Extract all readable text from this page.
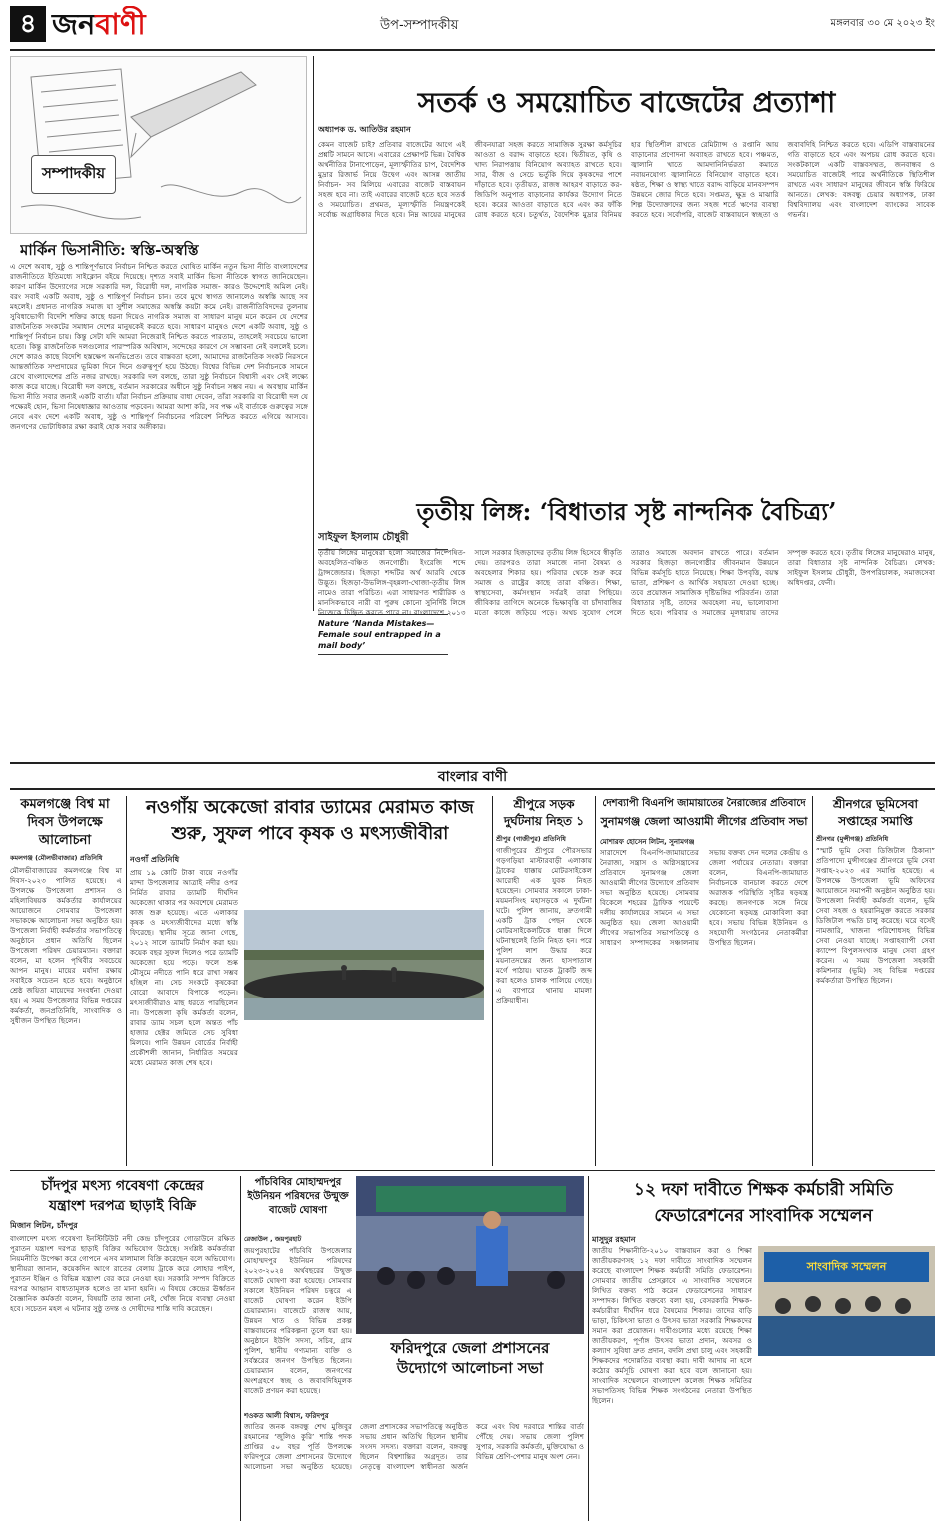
৪ জনবাণী	উপ-সম্পাদকীয়	মঙ্গলবার ৩০ মে ২০২৩ ইং
সম্পাদকীয়
মার্কিন ভিসানীতি: স্বস্তি-অস্বস্তি
এ দেশে অবাধ, সুষ্ঠু ও শান্তিপূর্ণভাবে নির্বাচন নিশ্চিত করতে ঘোষিত মার্কিন নতুন ভিসা নীতি বাংলাদেশের রাজনীতিতে ইতিমধ্যে সাইক্লোন বইয়ে দিয়েছে। দৃশ্যত সবাই মার্কিন ভিসা নীতিকে স্বাগত জানিয়েছেন। কারণ মার্কিন উদ্যোগের সঙ্গে সরকারি দল, বিরোধী দল, নাগরিক সমাজ- কারও উদ্দেশ্যেই অমিল নেই। বরং সবাই একটি অবাধ, সুষ্ঠু ও শান্তিপূর্ণ নির্বাচন চান। তবে মুখে স্বাগত জানালেও অস্বস্তি আছে সব মহলেই। প্রধানত নাগরিক সমাজ যা সুশীল সমাজের অস্বস্তি কয়টা কমে নেই। রাজনীতিবিদদের তুলনায় সুবিধাভোগী বিদেশি শক্তির কাছে ধরনা দিয়েও নাগরিক সমাজ বা সাধারণ মানুষ মনে করেন যে দেশের রাজনৈতিক সংকটের সমাধান দেশের মানুষকেই করতে হবে। সাধারণ মানুষও দেশে একটি অবাধ, সুষ্ঠু ও শান্তিপূর্ণ নির্বাচন চায়। কিন্তু সেটা যদি আমরা নিজেরাই নিশ্চিত করতে পারতাম, তাহলেই সবচেয়ে ভালো হতো। কিন্তু রাজনৈতিক দলগুলোর পারস্পরিক অবিশ্বাস, সন্দেহের কারণে সে সম্ভাবনা নেই বললেই চলে। দেশে কারও কাছে বিদেশি হস্তক্ষেপ অনভিপ্রেত। তবে বাস্তবতা হলো, আমাদের রাজনৈতিক সংকট নিরসনে আন্তর্জাতিক সম্প্রদায়ের ভূমিকা দিনে দিনে গুরুত্বপূর্ণ হয়ে উঠছে। বিশ্বের বিভিন্ন দেশ নির্বাচনকে সামনে রেখে বাংলাদেশের প্রতি নজর রাখছে। সরকারি দল বলছে, তারা সুষ্ঠু নির্বাচনে বিশ্বাসী এবং সেই লক্ষ্যে কাজ করে যাচ্ছে। বিরোধী দল বলছে, বর্তমান সরকারের অধীনে সুষ্ঠু নির্বাচন সম্ভব নয়। এ অবস্থায় মার্কিন ভিসা নীতি সবার জন্যই একটি বার্তা। যাঁরা নির্বাচন প্রক্রিয়ায় বাধা দেবেন, তাঁরা সরকারি বা বিরোধী দল যে পক্ষেরই হোন, ভিসা নিষেধাজ্ঞার আওতায় পড়বেন। আমরা আশা করি, সব পক্ষ এই বার্তাকে গুরুত্বের সঙ্গে নেবে এবং দেশে একটি অবাধ, সুষ্ঠু ও শান্তিপূর্ণ নির্বাচনের পরিবেশ নিশ্চিত করতে এগিয়ে আসবে। জনগণের ভোটাধিকার রক্ষা করাই হোক সবার অঙ্গীকার।
সতর্ক ও সময়োচিত বাজেটের প্রত্যাশা
অধ্যাপক ড. আতিউর রহমান
কেমন বাজেট চাই? প্রতিবার বাজেটের আগে এই প্রশ্নটি সামনে আসে। এবারের প্রেক্ষাপট ভিন্ন। বৈশ্বিক অর্থনীতির টানাপোড়েন, মূল্যস্ফীতির চাপ, বৈদেশিক মুদ্রার রিজার্ভ নিয়ে উদ্বেগ এবং আসন্ন জাতীয় নির্বাচন- সব মিলিয়ে এবারের বাজেট বাস্তবায়ন সহজ হবে না। তাই এবারের বাজেট হতে হবে সতর্ক ও সময়োচিত। প্রথমত, মূল্যস্ফীতি নিয়ন্ত্রণকেই সর্বোচ্চ অগ্রাধিকার দিতে হবে। নিম্ন আয়ের মানুষের জীবনযাত্রা সহজ করতে সামাজিক সুরক্ষা কর্মসূচির আওতা ও বরাদ্দ বাড়াতে হবে। দ্বিতীয়ত, কৃষি ও খাদ্য নিরাপত্তায় বিনিয়োগ অব্যাহত রাখতে হবে। সার, বীজ ও সেচে ভর্তুকি দিয়ে কৃষকদের পাশে দাঁড়াতে হবে। তৃতীয়ত, রাজস্ব আহরণ বাড়াতে কর-জিডিপি অনুপাত বাড়ানোর কার্যকর উদ্যোগ নিতে হবে। করের আওতা বাড়াতে হবে এবং কর ফাঁকি রোধ করতে হবে। চতুর্থত, বৈদেশিক মুদ্রার বিনিময় হার স্থিতিশীল রাখতে রেমিট্যান্স ও রপ্তানি আয় বাড়ানোর প্রণোদনা অব্যাহত রাখতে হবে। পঞ্চমত, জ্বালানি খাতে আমদানিনির্ভরতা কমাতে নবায়নযোগ্য জ্বালানিতে বিনিয়োগ বাড়াতে হবে। ষষ্ঠত, শিক্ষা ও স্বাস্থ্য খাতে বরাদ্দ বাড়িয়ে মানবসম্পদ উন্নয়নে জোর দিতে হবে। সপ্তমত, ক্ষুদ্র ও মাঝারি শিল্প উদ্যোক্তাদের জন্য সহজ শর্তে ঋণের ব্যবস্থা করতে হবে। সর্বোপরি, বাজেট বাস্তবায়নে স্বচ্ছতা ও জবাবদিহি নিশ্চিত করতে হবে। এডিপি বাস্তবায়নের গতি বাড়াতে হবে এবং অপচয় রোধ করতে হবে। সংকটকালে একটি বাস্তবসম্মত, জনবান্ধব ও সময়োচিত বাজেটই পারে অর্থনীতিকে স্থিতিশীল রাখতে এবং সাধারণ মানুষের জীবনে স্বস্তি ফিরিয়ে আনতে। লেখক: বঙ্গবন্ধু চেয়ার অধ্যাপক, ঢাকা বিশ্ববিদ্যালয় এবং বাংলাদেশ ব্যাংকের সাবেক গভর্নর।
তৃতীয় লিঙ্গ: ‘বিধাতার সৃষ্ট নান্দনিক বৈচিত্র্য’
সাইফুল ইসলাম চৌধুরী
Nature ‘Nanda Mistakes—Female soul entrapped in a mail body’
তৃতীয় লিঙ্গের মানুষেরা হলো সমাজের নিষ্পেষিত-অবহেলিত-বঞ্চিত জনগোষ্ঠী। ইংরেজি শব্দে ট্রান্সজেন্ডার। হিজড়া শব্দটির অর্থ আরবি থেকে উদ্ভূত। হিজড়া-উভলিঙ্গ-বৃহন্নলা-খোজা-তৃতীয় লিঙ্গ নামেও তারা পরিচিত। এরা সাধারণত শারীরিক ও মানসিকভাবে নারী বা পুরুষ কোনো সুনির্দিষ্ট লিঙ্গে নিজেকে চিহ্নিত করতে পারে না। বাংলাদেশে ২০১৩ সালে সরকার হিজড়াদের তৃতীয় লিঙ্গ হিসেবে স্বীকৃতি দেয়। তারপরও তারা সমাজে নানা বৈষম্য ও অবহেলার শিকার হয়। পরিবার থেকে শুরু করে সমাজ ও রাষ্ট্রের কাছে তারা বঞ্চিত। শিক্ষা, স্বাস্থ্যসেবা, কর্মসংস্থান সর্বত্রই তারা পিছিয়ে। জীবিকার তাগিদে অনেকে ভিক্ষাবৃত্তি বা চাঁদাবাজির মতো কাজে জড়িয়ে পড়ে। অথচ সুযোগ পেলে তারাও সমাজে অবদান রাখতে পারে। বর্তমান সরকার হিজড়া জনগোষ্ঠীর জীবনমান উন্নয়নে বিভিন্ন কর্মসূচি হাতে নিয়েছে। শিক্ষা উপবৃত্তি, বয়স্ক ভাতা, প্রশিক্ষণ ও আর্থিক সহায়তা দেওয়া হচ্ছে। তবে প্রয়োজন সামাজিক দৃষ্টিভঙ্গির পরিবর্তন। তারা বিধাতার সৃষ্টি, তাদের অবহেলা নয়, ভালোবাসা দিতে হবে। পরিবার ও সমাজের মূলধারায় তাদের সম্পৃক্ত করতে হবে। তৃতীয় লিঙ্গের মানুষেরাও মানুষ, তারা বিধাতার সৃষ্ট নান্দনিক বৈচিত্র্য। লেখক: সাইফুল ইসলাম চৌধুরী, উপপরিচালক, সমাজসেবা অধিদপ্তর, ফেনী।
বাংলার বাণী
কমলগঞ্জে বিশ্ব মা দিবস উপলক্ষে আলোচনা
কমলগঞ্জ (মৌলভীবাজার) প্রতিনিধি
মৌলভীবাজারের কমলগঞ্জে বিশ্ব মা দিবস-২০২৩ পালিত হয়েছে। এ উপলক্ষে উপজেলা প্রশাসন ও মহিলাবিষয়ক কর্মকর্তার কার্যালয়ের আয়োজনে সোমবার উপজেলা সভাকক্ষে আলোচনা সভা অনুষ্ঠিত হয়। উপজেলা নির্বাহী কর্মকর্তার সভাপতিত্বে অনুষ্ঠানে প্রধান অতিথি ছিলেন উপজেলা পরিষদ চেয়ারম্যান। বক্তারা বলেন, মা হলেন পৃথিবীর সবচেয়ে আপন মানুষ। মায়ের মর্যাদা রক্ষায় সবাইকে সচেতন হতে হবে। অনুষ্ঠানে শ্রেষ্ঠ জয়িতা মায়েদের সংবর্ধনা দেওয়া হয়। এ সময় উপজেলার বিভিন্ন দপ্তরের কর্মকর্তা, জনপ্রতিনিধি, সাংবাদিক ও সুধীজন উপস্থিত ছিলেন।
নওগাঁয় অকেজো রাবার ড্যামের মেরামত কাজ
শুরু, সুফল পাবে কৃষক ও মৎস্যজীবীরা
নওগাঁ প্রতিনিধি
প্রায় ১৯ কোটি টাকা ব্যয়ে নওগাঁর মান্দা উপজেলার আত্রাই নদীর ওপর নির্মিত রাবার ড্যামটি দীর্ঘদিন অকেজো থাকার পর অবশেষে মেরামত কাজ শুরু হয়েছে। এতে এলাকার কৃষক ও মৎস্যজীবীদের মধ্যে স্বস্তি ফিরেছে। স্থানীয় সূত্রে জানা গেছে, ২০১২ সালে ড্যামটি নির্মাণ করা হয়। কয়েক বছর সুফল দিলেও পরে ড্যামটি অকেজো হয়ে পড়ে। ফলে শুষ্ক মৌসুমে নদীতে পানি ধরে রাখা সম্ভব হচ্ছিল না। সেচ সংকটে কৃষকেরা বোরো আবাদে বিপাকে পড়েন। মৎস্যজীবীরাও মাছ ধরতে পারছিলেন না। উপজেলা কৃষি কর্মকর্তা বলেন, রাবার ড্যাম সচল হলে অন্তত পাঁচ হাজার হেক্টর জমিতে সেচ সুবিধা মিলবে। পানি উন্নয়ন বোর্ডের নির্বাহী প্রকৌশলী জানান, নির্ধারিত সময়ের মধ্যে মেরামত কাজ শেষ হবে।
শ্রীপুরে সড়ক দুর্ঘটনায় নিহত ১
শ্রীপুর (গাজীপুর) প্রতিনিধি
গাজীপুরের শ্রীপুরে পৌরসভার গড়গড়িয়া মাস্টারবাড়ী এলাকায় ট্রাকের ধাক্কায় মোটরসাইকেল আরোহী এক যুবক নিহত হয়েছেন। সোমবার সকালে ঢাকা-ময়মনসিংহ মহাসড়কে এ দুর্ঘটনা ঘটে। পুলিশ জানায়, দ্রুতগামী একটি ট্রাক পেছন থেকে মোটরসাইকেলটিকে ধাক্কা দিলে ঘটনাস্থলেই তিনি নিহত হন। পরে পুলিশ লাশ উদ্ধার করে ময়নাতদন্তের জন্য হাসপাতাল মর্গে পাঠায়। ঘাতক ট্রাকটি জব্দ করা হলেও চালক পালিয়ে গেছে। এ ব্যাপারে থানায় মামলা প্রক্রিয়াধীন।
দেশব্যাপী বিএনপি জামায়াতের নৈরাজ্যের প্রতিবাদে
সুনামগঞ্জ জেলা আওয়ামী লীগের প্রতিবাদ সভা
মোশারফ হোসেন লিটন, সুনামগঞ্জ
সারাদেশে বিএনপি-জামায়াতের নৈরাজ্য, সন্ত্রাস ও অগ্নিসন্ত্রাসের প্রতিবাদে সুনামগঞ্জ জেলা আওয়ামী লীগের উদ্যোগে প্রতিবাদ সভা অনুষ্ঠিত হয়েছে। সোমবার বিকেলে শহরের ট্রাফিক পয়েন্টে দলীয় কার্যালয়ের সামনে এ সভা অনুষ্ঠিত হয়। জেলা আওয়ামী লীগের সভাপতির সভাপতিত্বে ও সাধারণ সম্পাদকের সঞ্চালনায় সভায় বক্তব্য দেন দলের কেন্দ্রীয় ও জেলা পর্যায়ের নেতারা। বক্তারা বলেন, বিএনপি-জামায়াত নির্বাচনকে বানচাল করতে দেশে অরাজক পরিস্থিতি সৃষ্টির ষড়যন্ত্র করছে। জনগণকে সঙ্গে নিয়ে যেকোনো ষড়যন্ত্র মোকাবিলা করা হবে। সভায় বিভিন্ন ইউনিয়ন ও সহযোগী সংগঠনের নেতাকর্মীরা উপস্থিত ছিলেন।
শ্রীনগরে ভূমিসেবা সপ্তাহের সমাপ্তি
শ্রীনগর (মুন্সীগঞ্জ) প্রতিনিধি
“স্মার্ট ভূমি সেবা ডিজিটাল ঠিকানা” প্রতিপাদ্যে মুন্সীগঞ্জের শ্রীনগরে ভূমি সেবা সপ্তাহ-২০২৩ এর সমাপ্তি হয়েছে। এ উপলক্ষে উপজেলা ভূমি অফিসের আয়োজনে সমাপনী অনুষ্ঠান অনুষ্ঠিত হয়। উপজেলা নির্বাহী কর্মকর্তা বলেন, ভূমি সেবা সহজ ও হয়রানিমুক্ত করতে সরকার ডিজিটাল পদ্ধতি চালু করেছে। ঘরে বসেই নামজারি, খাজনা পরিশোধসহ বিভিন্ন সেবা নেওয়া যাচ্ছে। সপ্তাহব্যাপী সেবা ক্যাম্পে বিপুলসংখ্যক মানুষ সেবা গ্রহণ করেন। এ সময় উপজেলা সহকারী কমিশনার (ভূমি) সহ বিভিন্ন দপ্তরের কর্মকর্তারা উপস্থিত ছিলেন।
চাঁদপুর মৎস্য গবেষণা কেন্দ্রের
যন্ত্রাংশ দরপত্র ছাড়াই বিক্রি
মিজান লিটন, চাঁদপুর
বাংলাদেশ মৎস্য গবেষণা ইনস্টিটিউট নদী কেন্দ্র চাঁদপুরের গোডাউনে রক্ষিত পুরাতন যন্ত্রাংশ দরপত্র ছাড়াই বিক্রির অভিযোগ উঠেছে। সংশ্লিষ্ট কর্মকর্তারা নিয়মনীতি উপেক্ষা করে গোপনে এসব মালামাল বিক্রি করেছেন বলে অভিযোগ। স্থানীয়রা জানান, কয়েকদিন আগে রাতের বেলায় ট্রাকে করে লোহার পাইপ, পুরাতন ইঞ্জিন ও বিভিন্ন যন্ত্রাংশ বের করে নেওয়া হয়। সরকারি সম্পদ বিক্রিতে দরপত্র আহ্বান বাধ্যতামূলক হলেও তা মানা হয়নি। এ বিষয়ে কেন্দ্রের ঊর্ধ্বতন বৈজ্ঞানিক কর্মকর্তা বলেন, বিষয়টি তার জানা নেই, খোঁজ নিয়ে ব্যবস্থা নেওয়া হবে। সচেতন মহল এ ঘটনার সুষ্ঠু তদন্ত ও দোষীদের শাস্তি দাবি করেছেন।
পাঁচবিবির মোহাম্মদপুর ইউনিয়ন পরিষদের উন্মুক্ত বাজেট ঘোষণা
রেজাউল , জয়পুরহাট
জয়পুরহাটের পাঁচবিবি উপজেলার মোহাম্মদপুর ইউনিয়ন পরিষদের ২০২৩-২০২৪ অর্থবছরের উন্মুক্ত বাজেট ঘোষণা করা হয়েছে। সোমবার সকালে ইউনিয়ন পরিষদ চত্বরে এ বাজেট ঘোষণা করেন ইউপি চেয়ারম্যান। বাজেটে রাজস্ব আয়, উন্নয়ন খাত ও বিভিন্ন প্রকল্প বাস্তবায়নের পরিকল্পনা তুলে ধরা হয়। অনুষ্ঠানে ইউপি সদস্য, সচিব, গ্রাম পুলিশ, স্থানীয় গণ্যমান্য ব্যক্তি ও সর্বস্তরের জনগণ উপস্থিত ছিলেন। চেয়ারম্যান বলেন, জনগণের অংশগ্রহণে স্বচ্ছ ও জবাবদিহিমূলক বাজেট প্রণয়ন করা হয়েছে।
ফরিদপুরে জেলা প্রশাসনের
উদ্যোগে আলোচনা সভা
শওকত আলী বিশ্বাস, ফরিদপুর
জাতির জনক বঙ্গবন্ধু শেখ মুজিবুর রহমানের ‘জুলিও কুরি’ শান্তি পদক প্রাপ্তির ৫০ বছর পূর্তি উপলক্ষে ফরিদপুরে জেলা প্রশাসনের উদ্যোগে আলোচনা সভা অনুষ্ঠিত হয়েছে। জেলা প্রশাসকের সভাপতিত্বে অনুষ্ঠিত সভায় প্রধান অতিথি ছিলেন স্থানীয় সংসদ সদস্য। বক্তারা বলেন, বঙ্গবন্ধু ছিলেন বিশ্বশান্তির অগ্রদূত। তার নেতৃত্বে বাংলাদেশ স্বাধীনতা অর্জন করে এবং বিশ্ব দরবারে শান্তির বার্তা পৌঁছে দেয়। সভায় জেলা পুলিশ সুপার, সরকারি কর্মকর্তা, মুক্তিযোদ্ধা ও বিভিন্ন শ্রেণি-পেশার মানুষ অংশ নেন।
১২ দফা দাবীতে শিক্ষক কর্মচারী সমিতি
ফেডারেশনের সাংবাদিক সম্মেলন
মাসুদুর রহমান
জাতীয় শিক্ষানীতি-২০১০ বাস্তবায়ন করা ও শিক্ষা জাতীয়করণসহ ১২ দফা দাবীতে সাংবাদিক সম্মেলন করেছে বাংলাদেশ শিক্ষক কর্মচারী সমিতি ফেডারেশন। সোমবার জাতীয় প্রেসক্লাবে এ সাংবাদিক সম্মেলনে লিখিত বক্তব্য পাঠ করেন ফেডারেশনের সাধারণ সম্পাদক। লিখিত বক্তব্যে বলা হয়, বেসরকারি শিক্ষক-কর্মচারীরা দীর্ঘদিন ধরে বৈষম্যের শিকার। তাদের বাড়ি ভাড়া, চিকিৎসা ভাতা ও উৎসব ভাতা সরকারি শিক্ষকদের সমান করা প্রয়োজন। দাবীগুলোর মধ্যে রয়েছে শিক্ষা জাতীয়করণ, পূর্ণাঙ্গ উৎসব ভাতা প্রদান, অবসর ও কল্যাণ সুবিধা দ্রুত প্রদান, বদলি প্রথা চালু এবং সহকারী শিক্ষকদের পদোন্নতির ব্যবস্থা করা। দাবী আদায় না হলে কঠোর কর্মসূচি ঘোষণা করা হবে বলে জানানো হয়। সাংবাদিক সম্মেলনে বাংলাদেশ কলেজ শিক্ষক সমিতির সভাপতিসহ বিভিন্ন শিক্ষক সংগঠনের নেতারা উপস্থিত ছিলেন।
সাংবাদিক সম্মেলন
